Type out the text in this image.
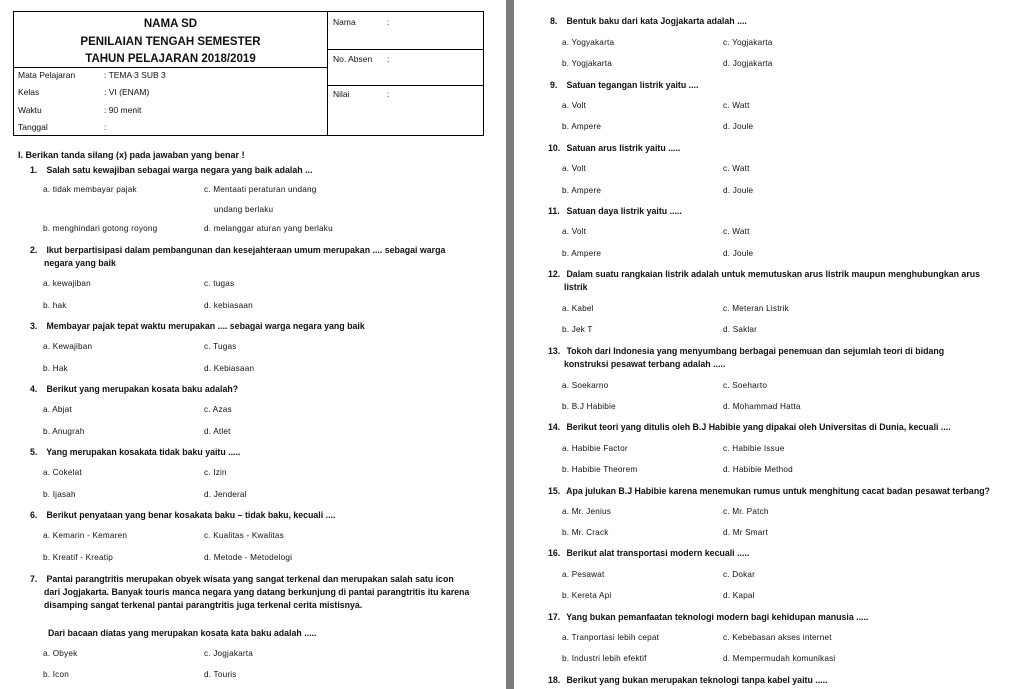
NAMA SD
PENILAIAN TENGAH SEMESTER
TAHUN PELAJARAN 2018/2019
Mata Pelajaran	: TEMA 3 SUB 3
Kelas	: VI (ENAM)
Waktu	: 90 menit
Tanggal	:
Nama	:
No. Absen :
Nilai	:
I. Berikan tanda silang (x) pada jawaban yang benar !
1. Salah satu kewajiban sebagai warga negara yang baik adalah ...
a. tidak membayar pajak	c. Mentaati peraturan undang
undang berlaku
b. menghindari gotong royong	d. melanggar aturan yang berlaku
2. Ikut berpartisipasi dalam pembangunan dan kesejahteraan umum merupakan .... sebagai warga
negara yang baik
a. kewajiban	c. tugas
b. hak	d. kebiasaan
3. Membayar pajak tepat waktu merupakan .... sebagai warga negara yang baik
a. Kewajiban	c. Tugas
b. Hak	d. Kebiasaan
4. Berikut yang merupakan kosata baku adalah?
a. Abjat	c. Azas
b. Anugrah	d. Atlet
5. Yang merupakan kosakata tidak baku yaitu .....
a. Cokelat	c. Izin
b. Ijasah	d. Jenderal
6. Berikut penyataan yang benar kosakata baku – tidak baku, kecuali ....
a. Kemarin - Kemaren	c. Kualitas - Kwalitas
b. Kreatif - Kreatip	d. Metode - Metodelogi
7. Pantai parangtritis merupakan obyek wisata yang sangat terkenal dan merupakan salah satu icon
dari Jogjakarta. Banyak touris manca negara yang datang berkunjung di pantai parangtritis itu karena
disamping sangat terkenal pantai parangtritis juga terkenal cerita mistisnya.
Dari bacaan diatas yang merupakan kosata kata baku adalah .....
a. Obyek	c. Jogjakarta
b. Icon	d. Touris
8. Bentuk baku dari kata Jogjakarta adalah ....
a. Yogyakarta	c. Yogjakarta
b. Yogjakarta	d. Jogjakarta
9. Satuan tegangan listrik yaitu ....
a. Volt	c. Watt
b. Ampere	d. Joule
10. Satuan arus listrik yaitu .....
a. Volt	c. Watt
b. Ampere	d. Joule
11. Satuan daya listrik yaitu .....
a. Volt	c. Watt
b. Ampere	d. Joule
12. Dalam suatu rangkaian listrik adalah untuk memutuskan arus listrik maupun menghubungkan arus
listrik
a. Kabel	c. Meteran Listrik
b. Jek T	d. Saklar
13. Tokoh dari Indonesia yang menyumbang berbagai penemuan dan sejumlah teori di bidang
konstruksi pesawat terbang adalah .....
a. Soekarno	c. Soeharto
b. B.J Habibie	d. Mohammad Hatta
14. Berikut teori yang ditulis oleh B.J Habibie yang dipakai oleh Universitas di Dunia, kecuali ....
a. Habibie Factor	c. Habibie Issue
b. Habibie Theorem	d. Habibie Method
15. Apa julukan B.J Habibie karena menemukan rumus untuk menghitung cacat badan pesawat terbang?
a. Mr. Jenius	c. Mr. Patch
b. Mr. Crack	d. Mr Smart
16. Berikut alat transportasi modern kecuali .....
a. Pesawat	c. Dokar
b. Kereta Api	d. Kapal
17. Yang bukan pemanfaatan teknologi modern bagi kehidupan manusia .....
a. Tranportasi lebih cepat	c. Kebebasan akses internet
b. Industri lebih efektif	d. Mempermudah komunikasi
18. Berikut yang bukan merupakan teknologi tanpa kabel yaitu .....
